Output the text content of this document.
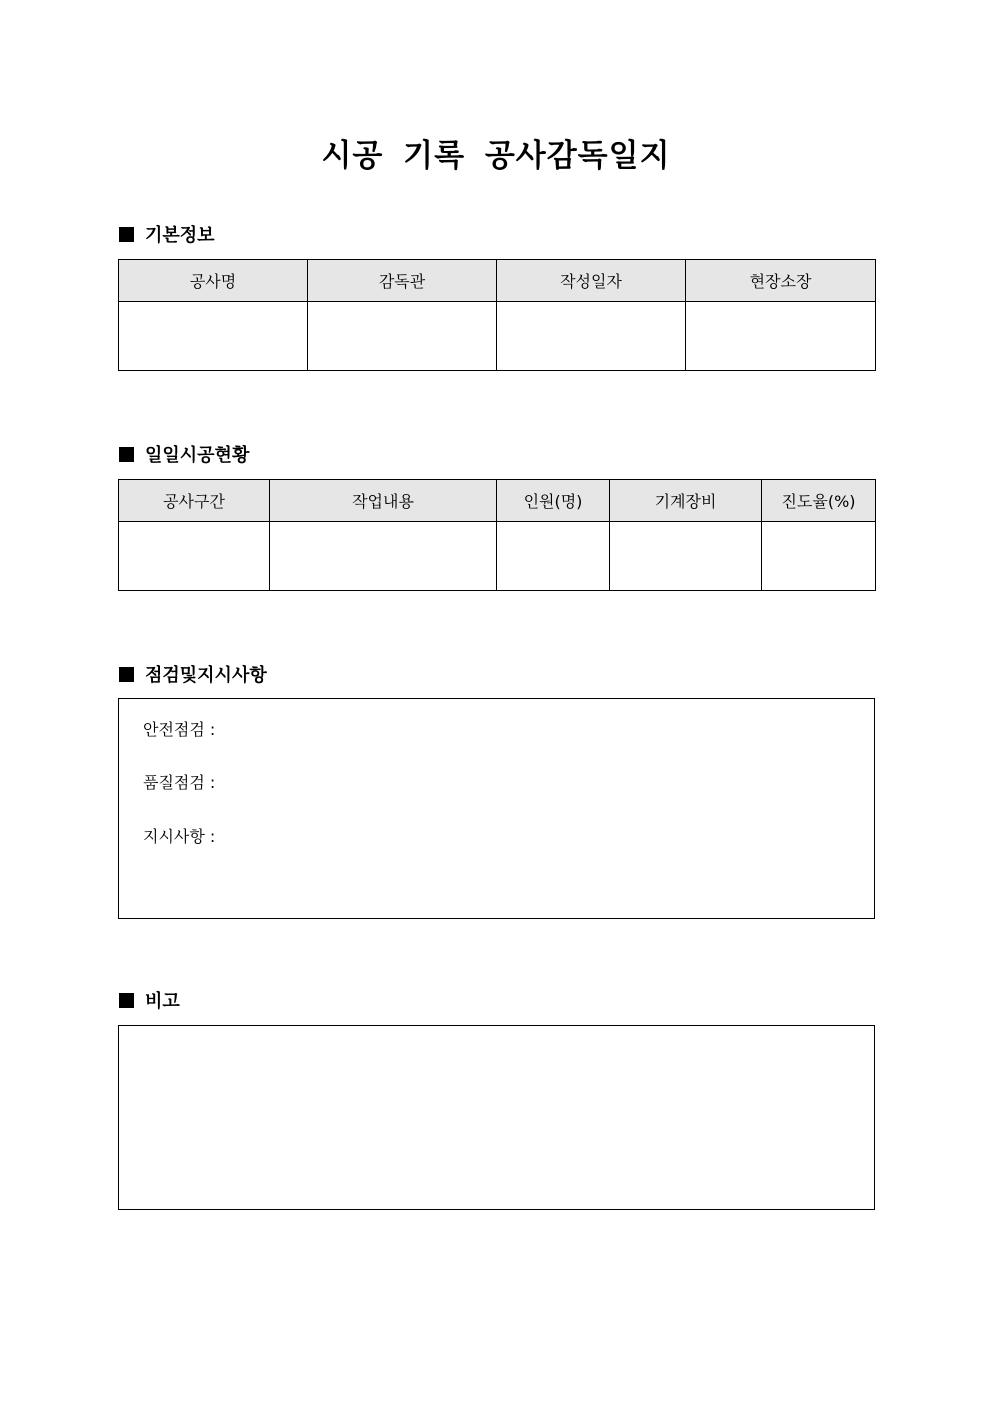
시공 기록 공사감독일지
기본정보
공사명	감독관	작성일자	현장소장

일일시공현황
공사구간	작업내용	인원(명)	기계장비	진도율(%)

점검및지시사항
안전점검 :
품질점검 :
지시사항 :
비고
